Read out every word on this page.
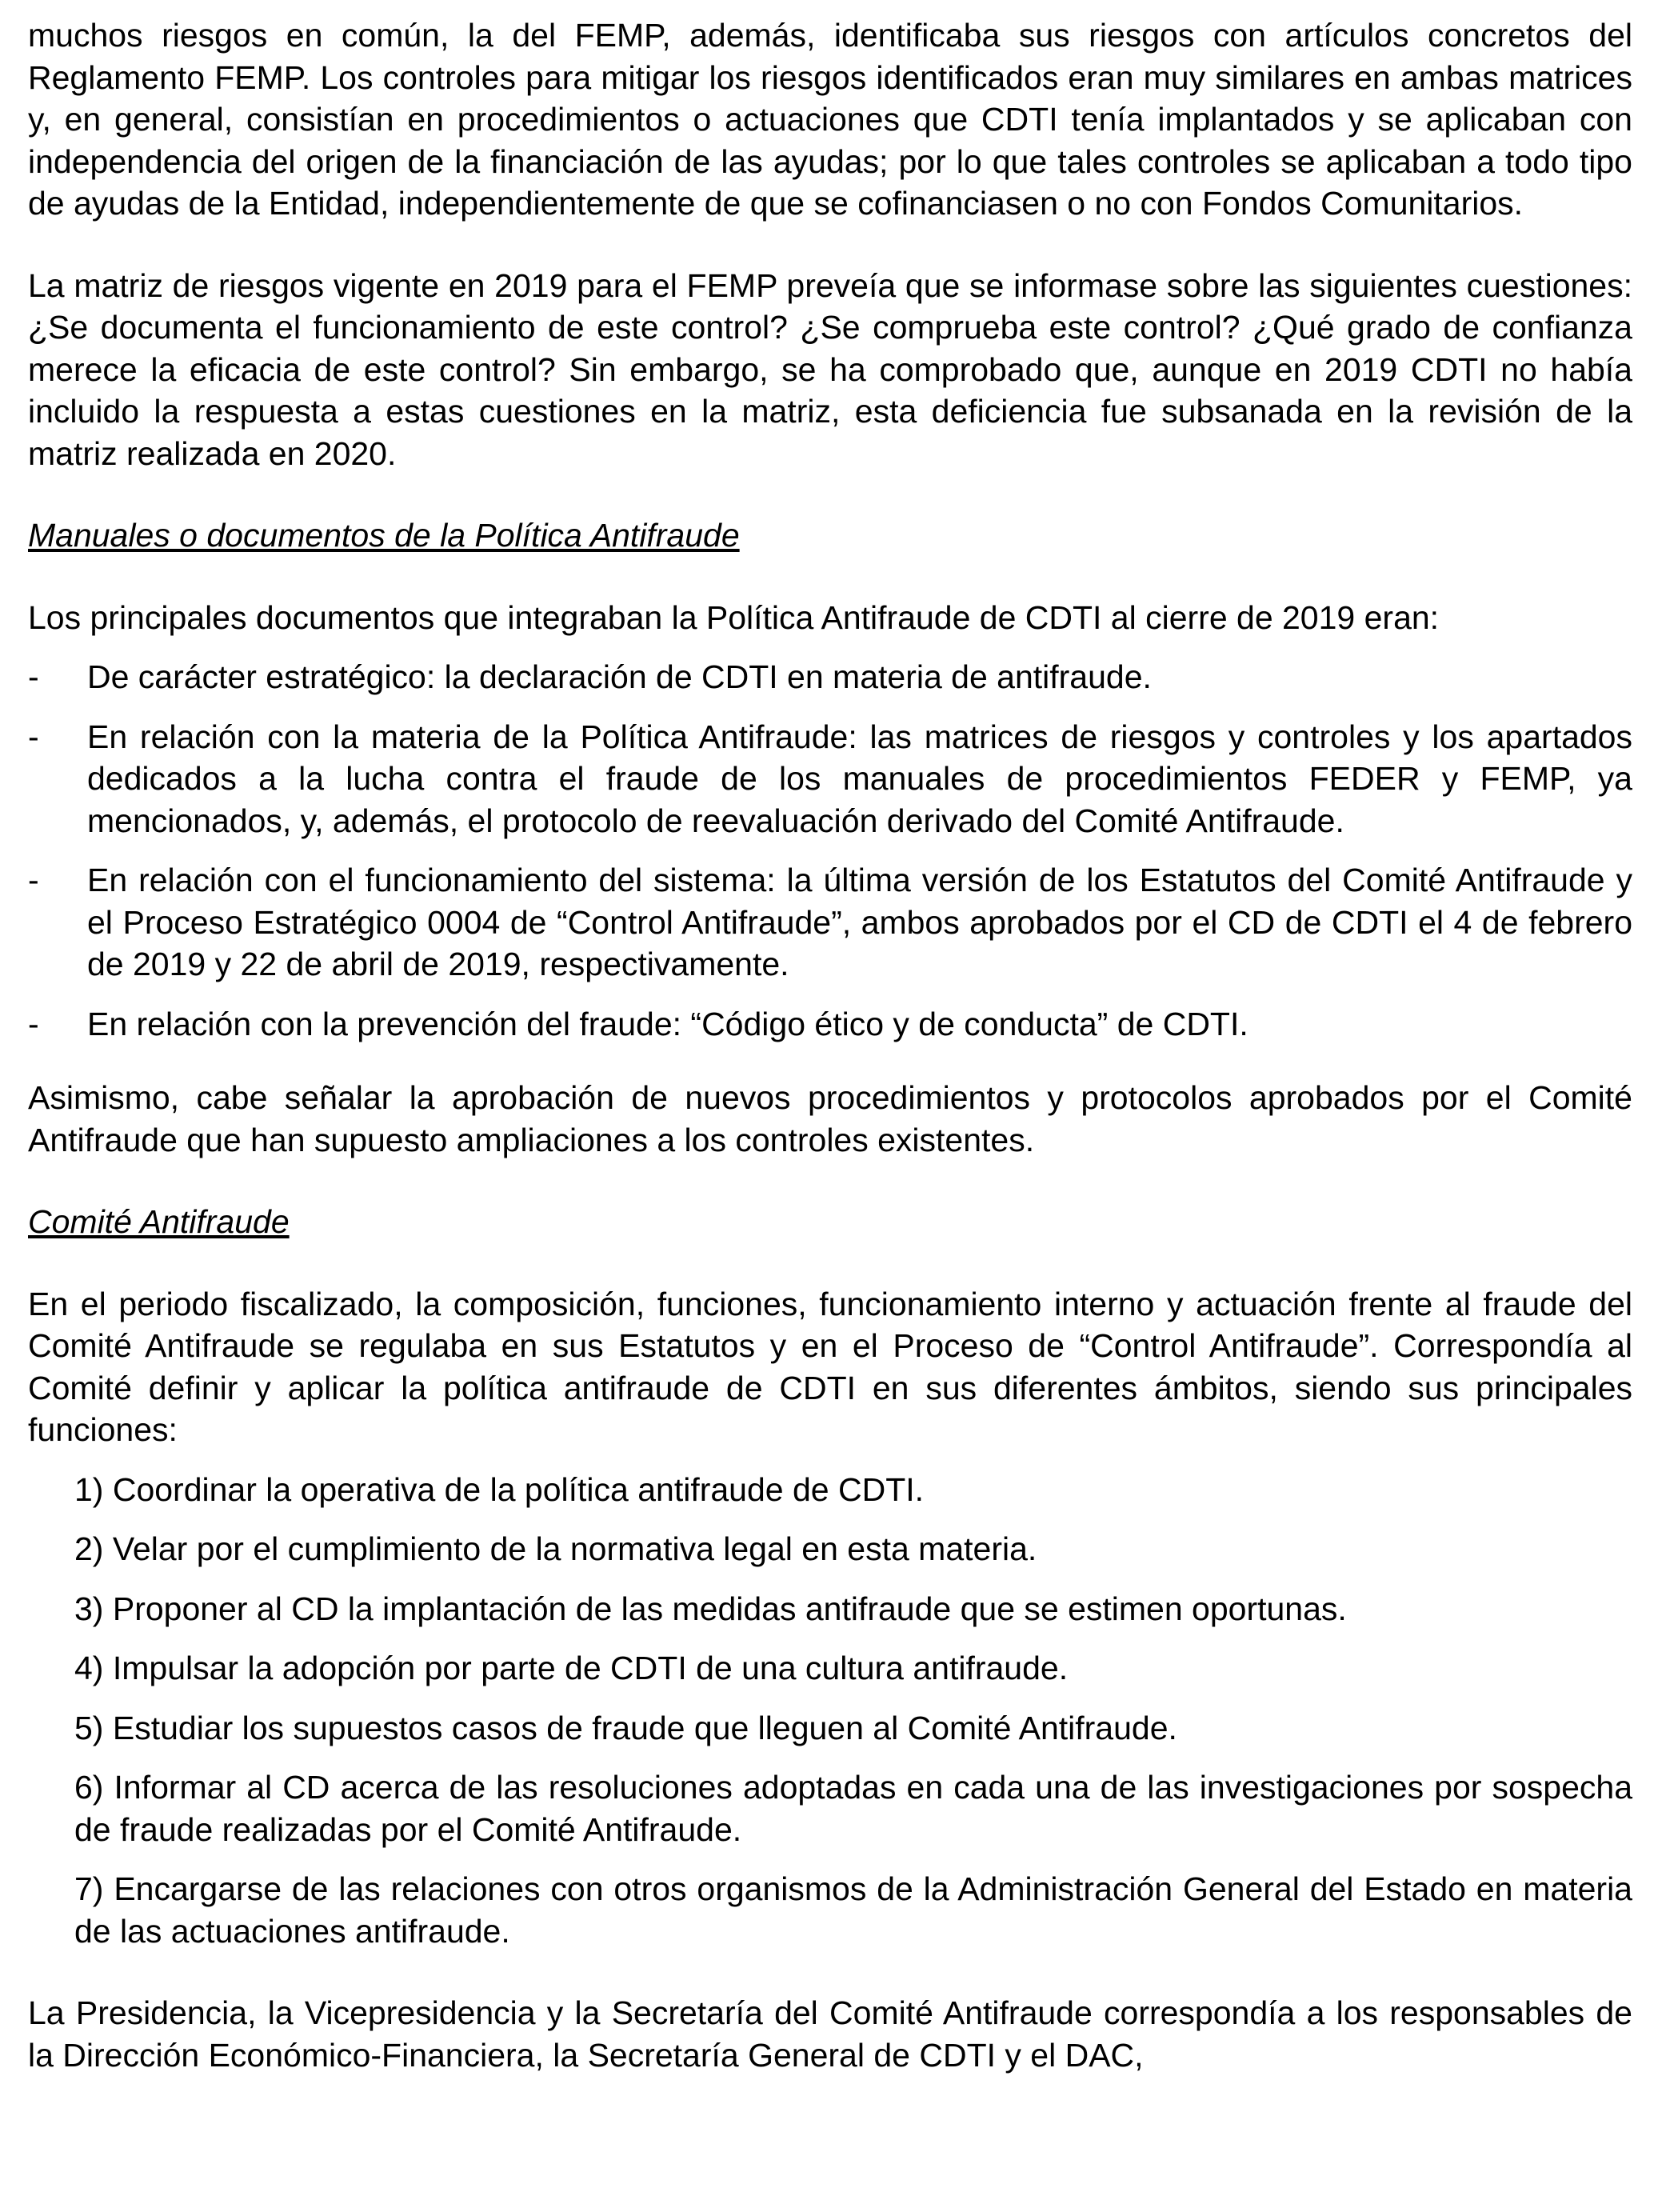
muchos riesgos en común, la del FEMP, además, identificaba sus riesgos con artículos concretos del Reglamento FEMP. Los controles para mitigar los riesgos identificados eran muy similares en ambas matrices y, en general, consistían en procedimientos o actuaciones que CDTI tenía implantados y se aplicaban con independencia del origen de la financiación de las ayudas; por lo que tales controles se aplicaban a todo tipo de ayudas de la Entidad, independientemente de que se cofinanciasen o no con Fondos Comunitarios.

La matriz de riesgos vigente en 2019 para el FEMP preveía que se informase sobre las siguientes cuestiones: ¿Se documenta el funcionamiento de este control? ¿Se comprueba este control? ¿Qué grado de confianza merece la eficacia de este control? Sin embargo, se ha comprobado que, aunque en 2019 CDTI no había incluido la respuesta a estas cuestiones en la matriz, esta deficiencia fue subsanada en la revisión de la matriz realizada en 2020.

Manuales o documentos de la Política Antifraude

Los principales documentos que integraban la Política Antifraude de CDTI al cierre de 2019 eran:

- De carácter estratégico: la declaración de CDTI en materia de antifraude.
- En relación con la materia de la Política Antifraude: las matrices de riesgos y controles y los apartados dedicados a la lucha contra el fraude de los manuales de procedimientos FEDER y FEMP, ya mencionados, y, además, el protocolo de reevaluación derivado del Comité Antifraude.
- En relación con el funcionamiento del sistema: la última versión de los Estatutos del Comité Antifraude y el Proceso Estratégico 0004 de “Control Antifraude”, ambos aprobados por el CD de CDTI el 4 de febrero de 2019 y 22 de abril de 2019, respectivamente.
- En relación con la prevención del fraude: “Código ético y de conducta” de CDTI.

Asimismo, cabe señalar la aprobación de nuevos procedimientos y protocolos aprobados por el Comité Antifraude que han supuesto ampliaciones a los controles existentes.

Comité Antifraude

En el periodo fiscalizado, la composición, funciones, funcionamiento interno y actuación frente al fraude del Comité Antifraude se regulaba en sus Estatutos y en el Proceso de “Control Antifraude”. Correspondía al Comité definir y aplicar la política antifraude de CDTI en sus diferentes ámbitos, siendo sus principales funciones:

1) Coordinar la operativa de la política antifraude de CDTI.

2) Velar por el cumplimiento de la normativa legal en esta materia.

3) Proponer al CD la implantación de las medidas antifraude que se estimen oportunas.

4) Impulsar la adopción por parte de CDTI de una cultura antifraude.

5) Estudiar los supuestos casos de fraude que lleguen al Comité Antifraude.

6) Informar al CD acerca de las resoluciones adoptadas en cada una de las investigaciones por sospecha de fraude realizadas por el Comité Antifraude.

7) Encargarse de las relaciones con otros organismos de la Administración General del Estado en materia de las actuaciones antifraude.

La Presidencia, la Vicepresidencia y la Secretaría del Comité Antifraude correspondía a los responsables de la Dirección Económico-Financiera, la Secretaría General de CDTI y el DAC,
